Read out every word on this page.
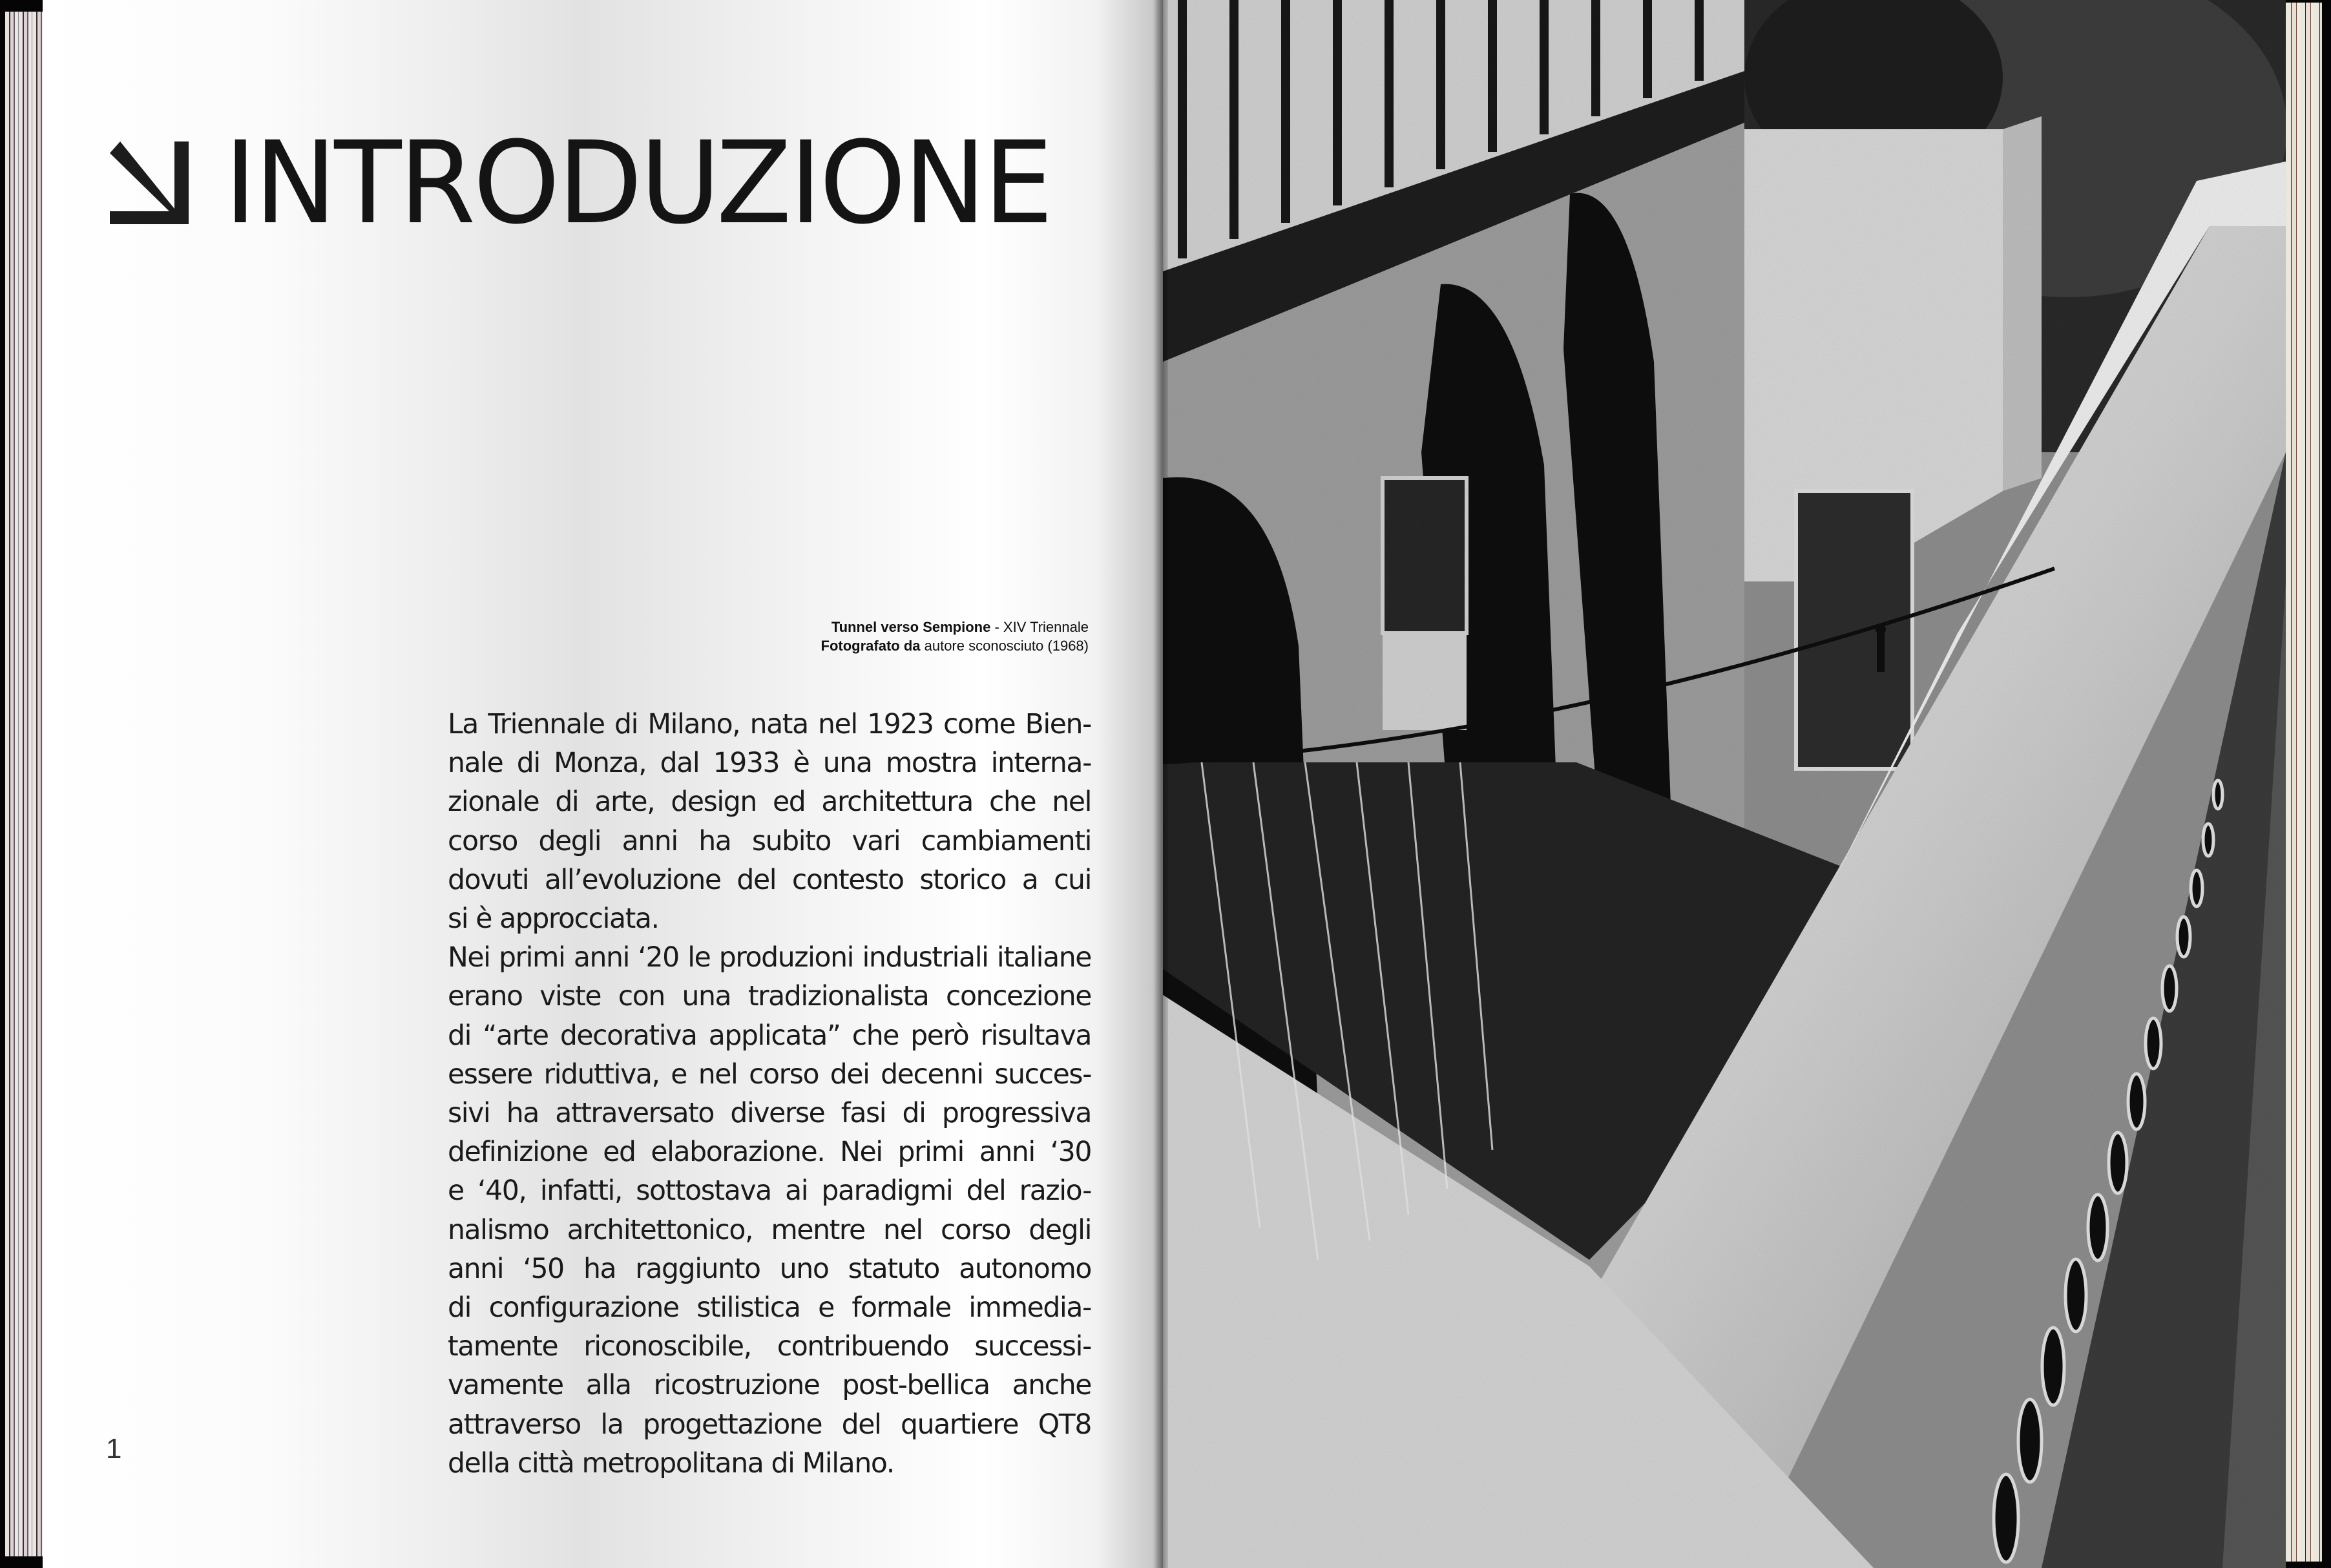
INTRODUZIONE
Tunnel verso Sempione - XIV Triennale
Fotografato da autore sconosciuto (1968)
La Triennale di Milano, nata nel 1923 come Bien-
nale di Monza, dal 1933 è una mostra interna-
zionale di arte, design ed architettura che nel
corso degli anni ha subito vari cambiamenti
dovuti all’evoluzione del contesto storico a cui
si è approcciata.
Nei primi anni ‘20 le produzioni industriali italiane
erano viste con una tradizionalista concezione
di “arte decorativa applicata” che però risultava
essere riduttiva, e nel corso dei decenni succes-
sivi ha attraversato diverse fasi di progressiva
definizione ed elaborazione. Nei primi anni ‘30
e ‘40, infatti, sottostava ai paradigmi del razio-
nalismo architettonico, mentre nel corso degli
anni ‘50 ha raggiunto uno statuto autonomo
di configurazione stilistica e formale immedia-
tamente riconoscibile, contribuendo successi-
vamente alla ricostruzione post-bellica anche
attraverso la progettazione del quartiere QT8
della città metropolitana di Milano.
1
